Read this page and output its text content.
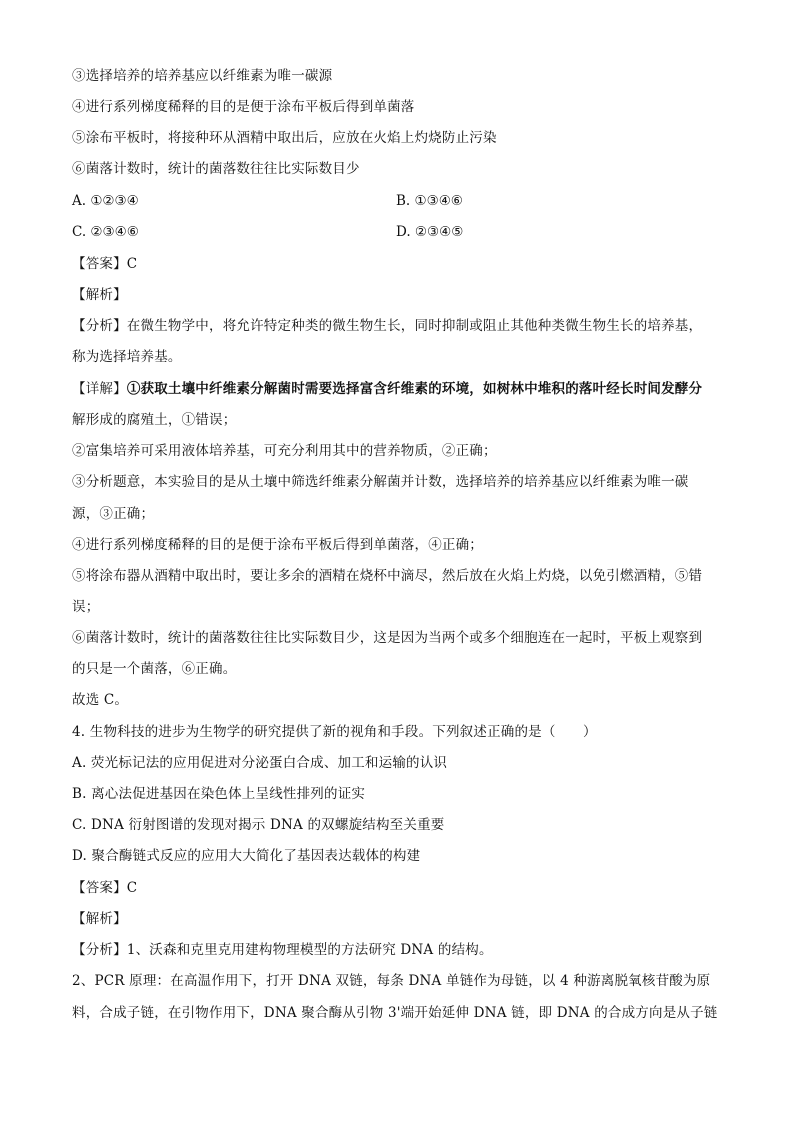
③选择培养的培养基应以纤维素为唯一碳源
④进行系列梯度稀释的目的是便于涂布平板后得到单菌落
⑤涂布平板时，将接种环从酒精中取出后，应放在火焰上灼烧防止污染
⑥菌落计数时，统计的菌落数往往比实际数目少
A. ①②③④	B. ①③④⑥
C. ②③④⑥	D. ②③④⑤
【答案】C
【解析】
【分析】在微生物学中，将允许特定种类的微生物生长，同时抑制或阻止其他种类微生物生长的培养基，
称为选择培养基。
【详解】①获取土壤中纤维素分解菌时需要选择富含纤维素的环境，如树林中堆积的落叶经长时间发酵分
解形成的腐殖土，①错误；
②富集培养可采用液体培养基，可充分利用其中的营养物质，②正确；
③分析题意，本实验目的是从土壤中筛选纤维素分解菌并计数，选择培养的培养基应以纤维素为唯一碳
源，③正确；
④进行系列梯度稀释的目的是便于涂布平板后得到单菌落，④正确；
⑤将涂布器从酒精中取出时，要让多余的酒精在烧杯中滴尽，然后放在火焰上灼烧，以免引燃酒精，⑤错
误；
⑥菌落计数时，统计的菌落数往往比实际数目少，这是因为当两个或多个细胞连在一起时，平板上观察到
的只是一个菌落，⑥正确。
故选 C。
4. 生物科技的进步为生物学的研究提供了新的视角和手段。下列叙述正确的是（　　）
A. 荧光标记法的应用促进对分泌蛋白合成、加工和运输的认识
B. 离心法促进基因在染色体上呈线性排列的证实
C. DNA 衍射图谱的发现对揭示 DNA 的双螺旋结构至关重要
D. 聚合酶链式反应的应用大大简化了基因表达载体的构建
【答案】C
【解析】
【分析】1、沃森和克里克用建构物理模型的方法研究 DNA 的结构。
2、PCR 原理：在高温作用下，打开 DNA 双链，每条 DNA 单链作为母链，以 4 种游离脱氧核苷酸为原
料，合成子链，在引物作用下，DNA 聚合酶从引物 3'端开始延伸 DNA 链，即 DNA 的合成方向是从子链
